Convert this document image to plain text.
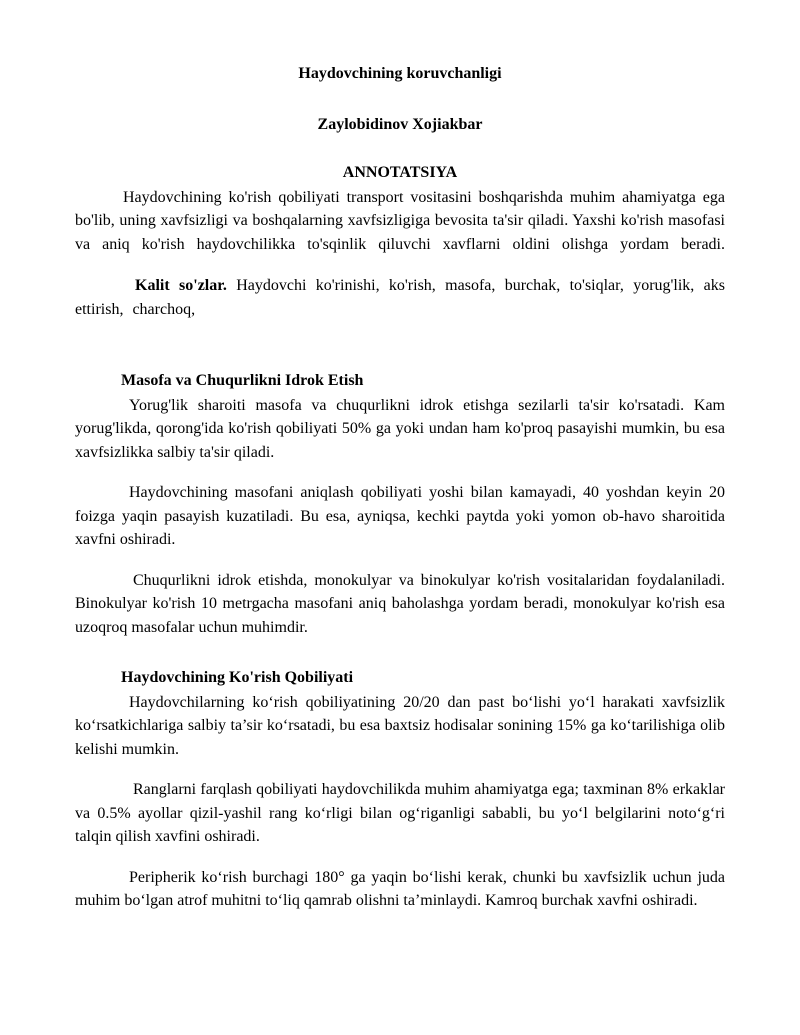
Haydovchining koruvchanligi
Zaylobidinov Xojiakbar
ANNOTATSIYA

Haydovchining ko'rish qobiliyati transport vositasini boshqarishda muhim ahamiyatga ega bo'lib, uning xavfsizligi va boshqalarning xavfsizligiga bevosita ta'sir qiladi. Yaxshi ko'rish masofasi va aniq ko'rish haydovchilikka to'sqinlik qiluvchi xavflarni oldini olishga yordam beradi.

Kalit so'zlar. Haydovchi ko'rinishi, ko'rish, masofa, burchak, to'siqlar, yorug'lik, aks ettirish, charchoq,

Masofa va Chuqurlikni Idrok Etish

Yorug'lik sharoiti masofa va chuqurlikni idrok etishga sezilarli ta'sir ko'rsatadi. Kam yorug'likda, qorong'ida ko'rish qobiliyati 50% ga yoki undan ham ko'proq pasayishi mumkin, bu esa xavfsizlikka salbiy ta'sir qiladi.

Haydovchining masofani aniqlash qobiliyati yoshi bilan kamayadi, 40 yoshdan keyin 20 foizga yaqin pasayish kuzatiladi. Bu esa, ayniqsa, kechki paytda yoki yomon ob-havo sharoitida xavfni oshiradi.

Chuqurlikni idrok etishda, monokulyar va binokulyar ko'rish vositalaridan foydalaniladi. Binokulyar ko'rish 10 metrgacha masofani aniq baholashga yordam beradi, monokulyar ko'rish esa uzoqroq masofalar uchun muhimdir.

Haydovchining Ko'rish Qobiliyati

Haydovchilarning ko‘rish qobiliyatining 20/20 dan past bo‘lishi yo‘l harakati xavfsizlik ko‘rsatkichlariga salbiy ta’sir ko‘rsatadi, bu esa baxtsiz hodisalar sonining 15% ga ko‘tarilishiga olib kelishi mumkin.

Ranglarni farqlash qobiliyati haydovchilikda muhim ahamiyatga ega; taxminan 8% erkaklar va 0.5% ayollar qizil-yashil rang ko‘rligi bilan og‘riganligi sababli, bu yo‘l belgilarini noto‘g‘ri talqin qilish xavfini oshiradi.

Peripherik ko‘rish burchagi 180° ga yaqin bo‘lishi kerak, chunki bu xavfsizlik uchun juda muhim bo‘lgan atrof muhitni to‘liq qamrab olishni ta’minlaydi. Kamroq burchak xavfni oshiradi.
